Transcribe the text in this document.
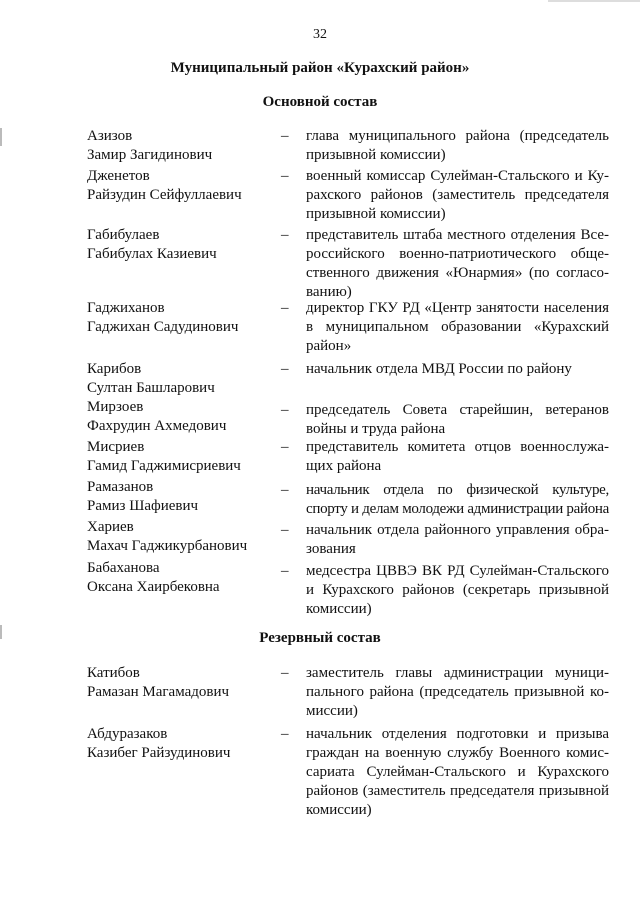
32
Муниципальный район «Курахский район»
Основной состав
Азизов
Замир Загидинович
– глава муниципального района (председатель
призывной комиссии)
Дженетов
Райзудин Сейфуллаевич
– военный комиссар Сулейман-Стальского и Ку-
рахского районов (заместитель председателя
призывной комиссии)
Габибулаев
Габибулах Казиевич
– представитель штаба местного отделения Все-
российского военно-патриотического обще-
ственного движения «Юнармия» (по согласо-
ванию)
Гаджиханов
Гаджихан Садудинович
– директор ГКУ РД «Центр занятости населения
в муниципальном образовании «Курахский
район»
Карибов
Султан Башларович
– начальник отдела МВД России по району
Мирзоев
Фахрудин Ахмедович
– председатель Совета старейшин, ветеранов
войны и труда района
Мисриев
Гамид Гаджимисриевич
– представитель комитета отцов военнослужа-
щих района
Рамазанов
Рамиз Шафиевич
– начальник отдела по физической культуре,
спорту и делам молодежи администрации района
Хариев
Махач Гаджикурбанович
– начальник отдела районного управления обра-
зования
Бабаханова
Оксана Хаирбековна
– медсестра ЦВВЭ ВК РД Сулейман-Стальского
и Курахского районов (секретарь призывной
комиссии)
Резервный состав
Катибов
Рамазан Магамадович
– заместитель главы администрации муници-
пального района (председатель призывной ко-
миссии)
Абдуразаков
Казибег Райзудинович
– начальник отделения подготовки и призыва
граждан на военную службу Военного комис-
сариата Сулейман-Стальского и Курахского
районов (заместитель председателя призывной
комиссии)
